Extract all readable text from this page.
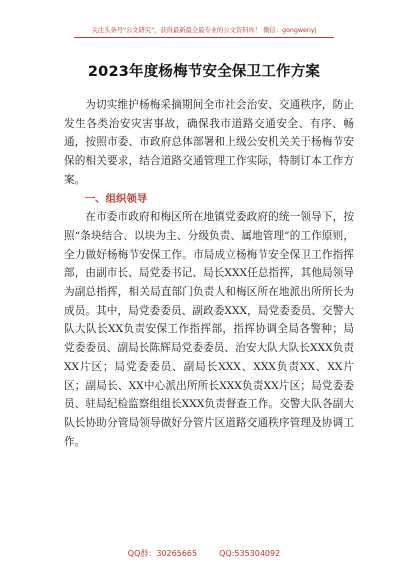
关注头条号"公文研究"，获得最新最全最专业的公文资料库！ 微信：gongwenyj
2023年度杨梅节安全保卫工作方案

为切实维护杨梅采摘期间全市社会治安、交通秩序，防止发生各类治安灾害事故，确保我市道路交通安全、有序、畅通，按照市委、市政府总体部署和上级公安机关关于杨梅节安保的相关要求，结合道路交通管理工作实际，特制订本工作方案。

一、组织领导

在市委市政府和梅区所在地镇党委政府的统一领导下，按照“条块结合、以块为主、分级负责、属地管理”的工作原则，全力做好杨梅节安保工作。市局成立杨梅节安全保卫工作指挥部，由副市长、局党委书记、局长XXX任总指挥，其他局领导为副总指挥，相关局直部门负责人和梅区所在地派出所所长为成员。其中，局党委委员、副政委XXX，局党委委员、交警大队大队长XX负责安保工作指挥部，指挥协调全局各警种；局党委委员、副局长陈辉局党委委员、治安大队大队长XXX负责XX片区；局党委委员、副局长XXX、XXX负责XX、XX片区；副局长、XX中心派出所所长XXX负责XX片区；局党委委员、驻局纪检监察组组长XXX负责督查工作。交警大队各副大队长协助分管局领导做好分管片区道路交通秩序管理及协调工作。

QQ群：30265665	QQ:535304092
